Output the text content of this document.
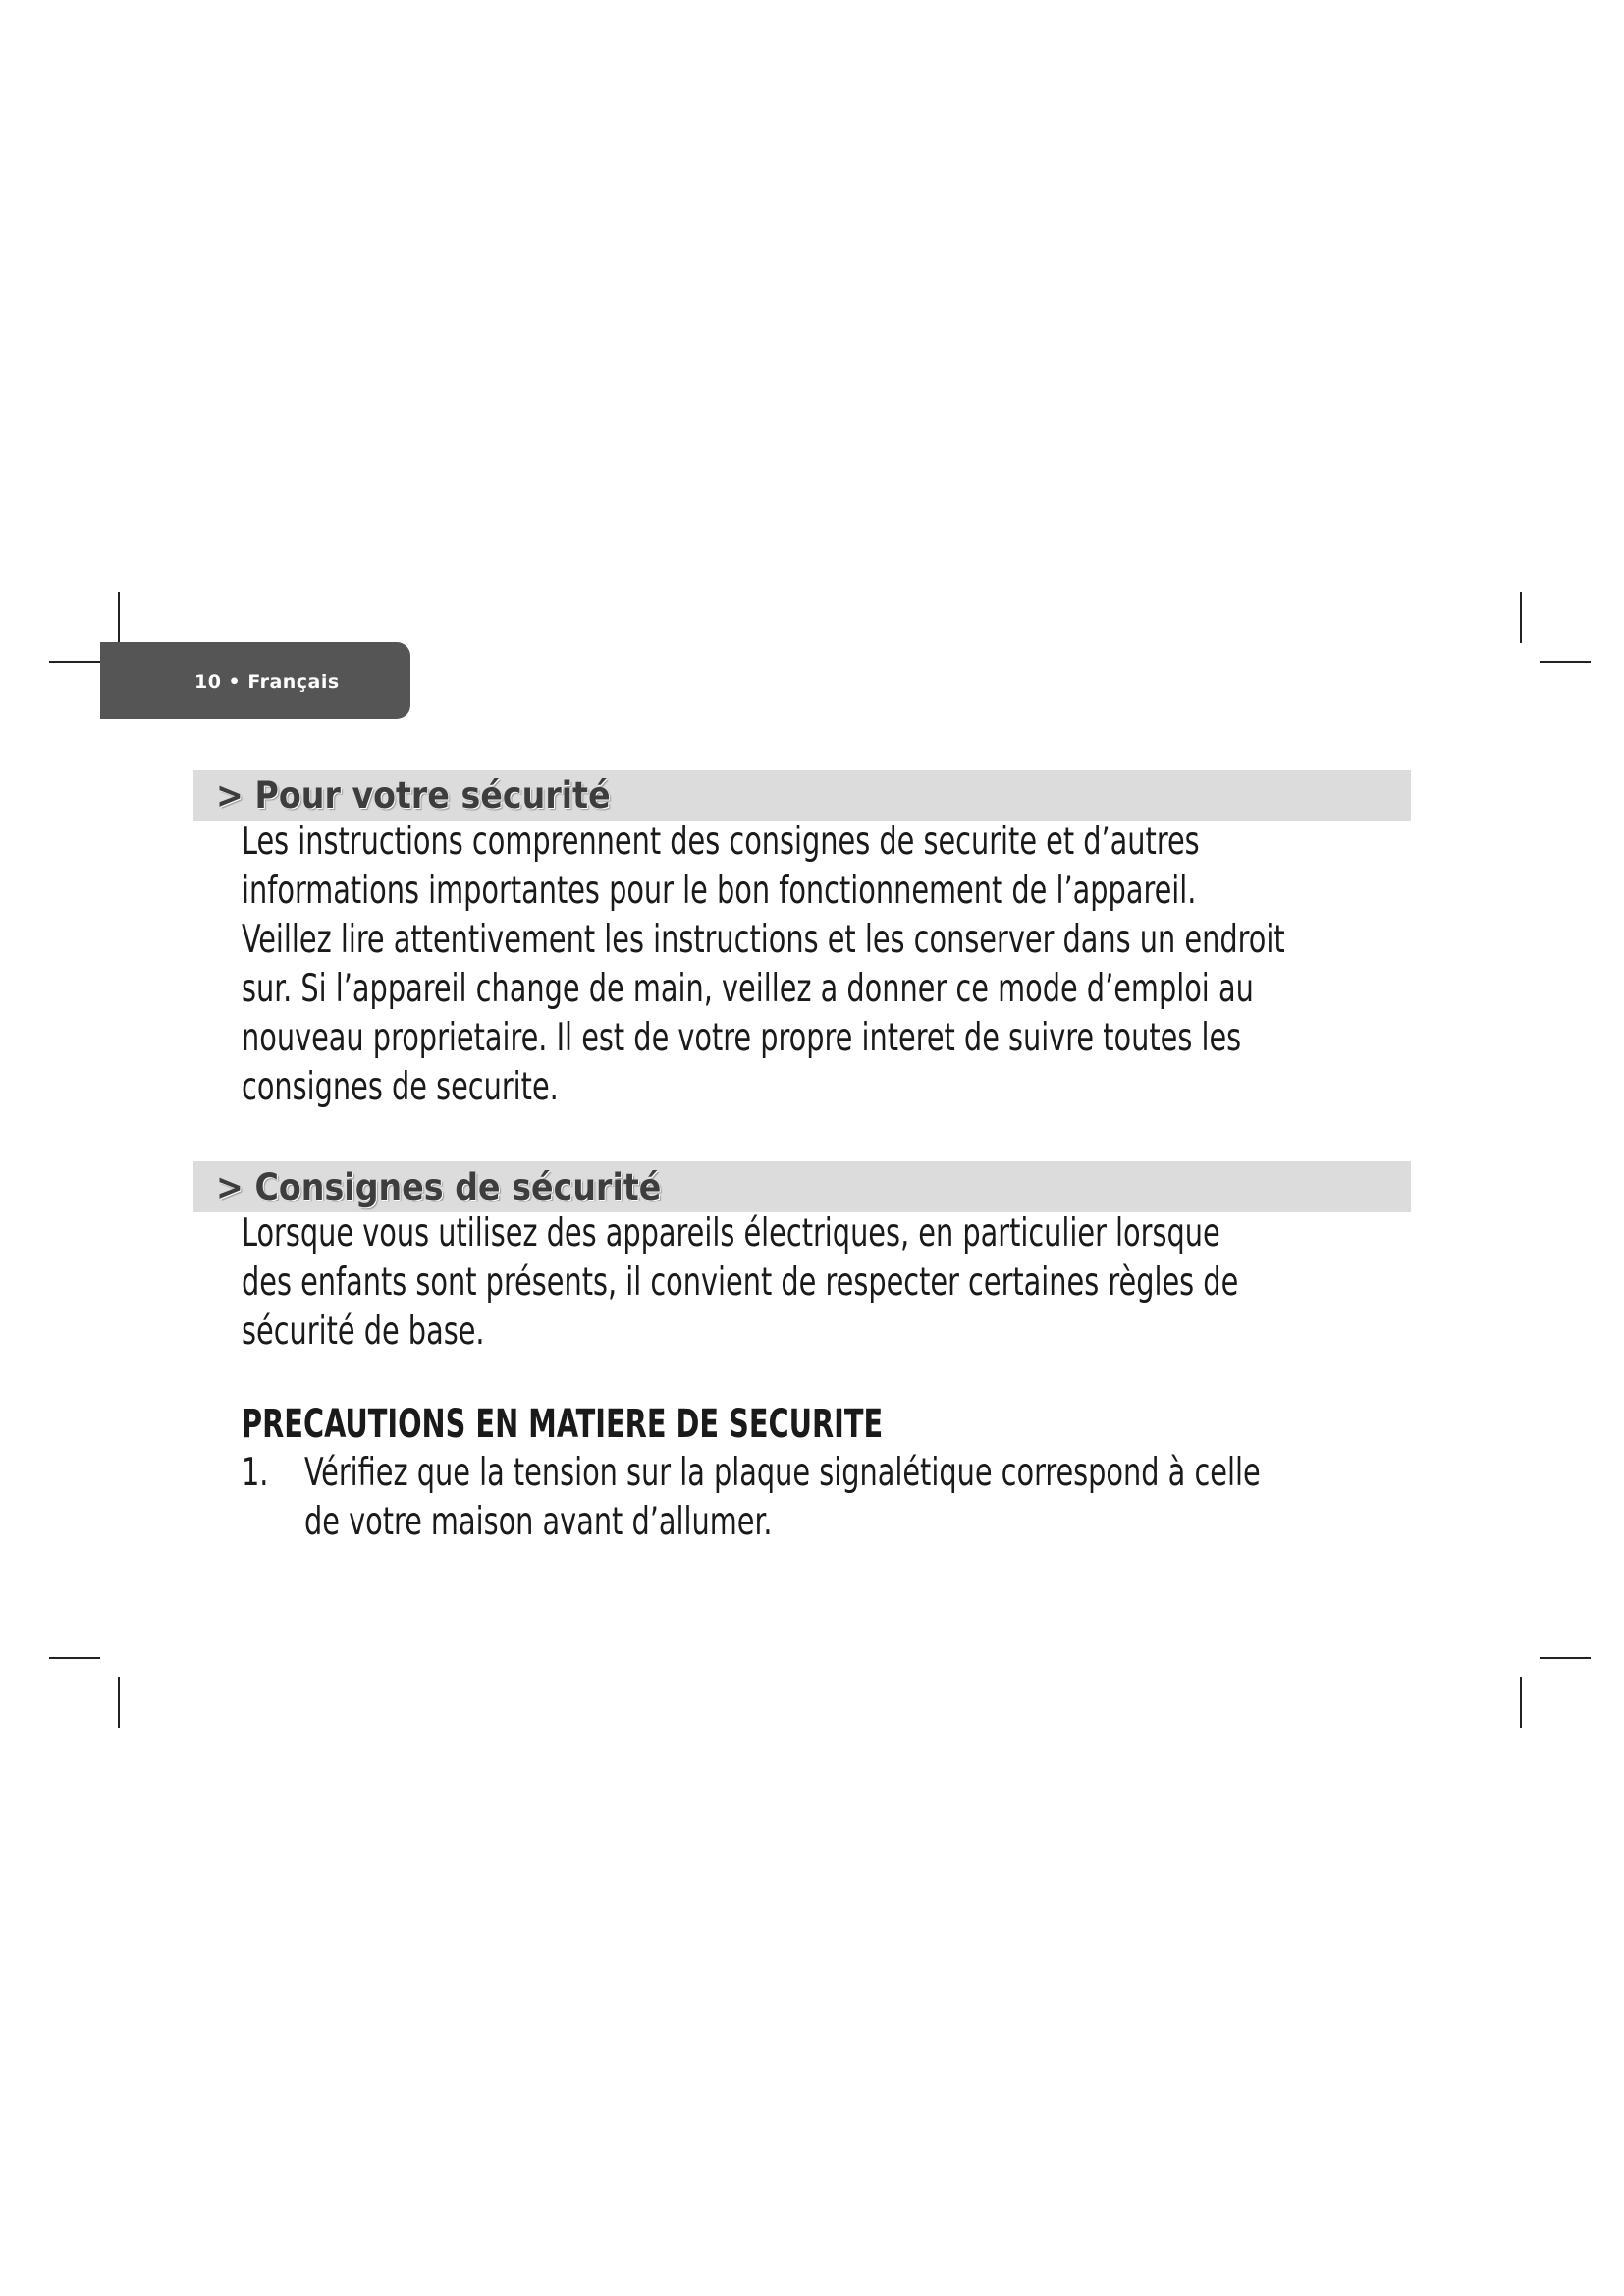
10 • Français
> Pour votre sécurité

Les instructions comprennent des consignes de securite et d’autres
informations importantes pour le bon fonctionnement de l’appareil.
Veillez lire attentivement les instructions et les conserver dans un endroit
sur. Si l’appareil change de main, veillez a donner ce mode d’emploi au
nouveau proprietaire. Il est de votre propre interet de suivre toutes les
consignes de securite.

> Consignes de sécurité

Lorsque vous utilisez des appareils électriques, en particulier lorsque
des enfants sont présents, il convient de respecter certaines règles de
sécurité de base.

PRECAUTIONS EN MATIERE DE SECURITE

1. Vérifiez que la tension sur la plaque signalétique correspond à celle
de votre maison avant d’allumer.
